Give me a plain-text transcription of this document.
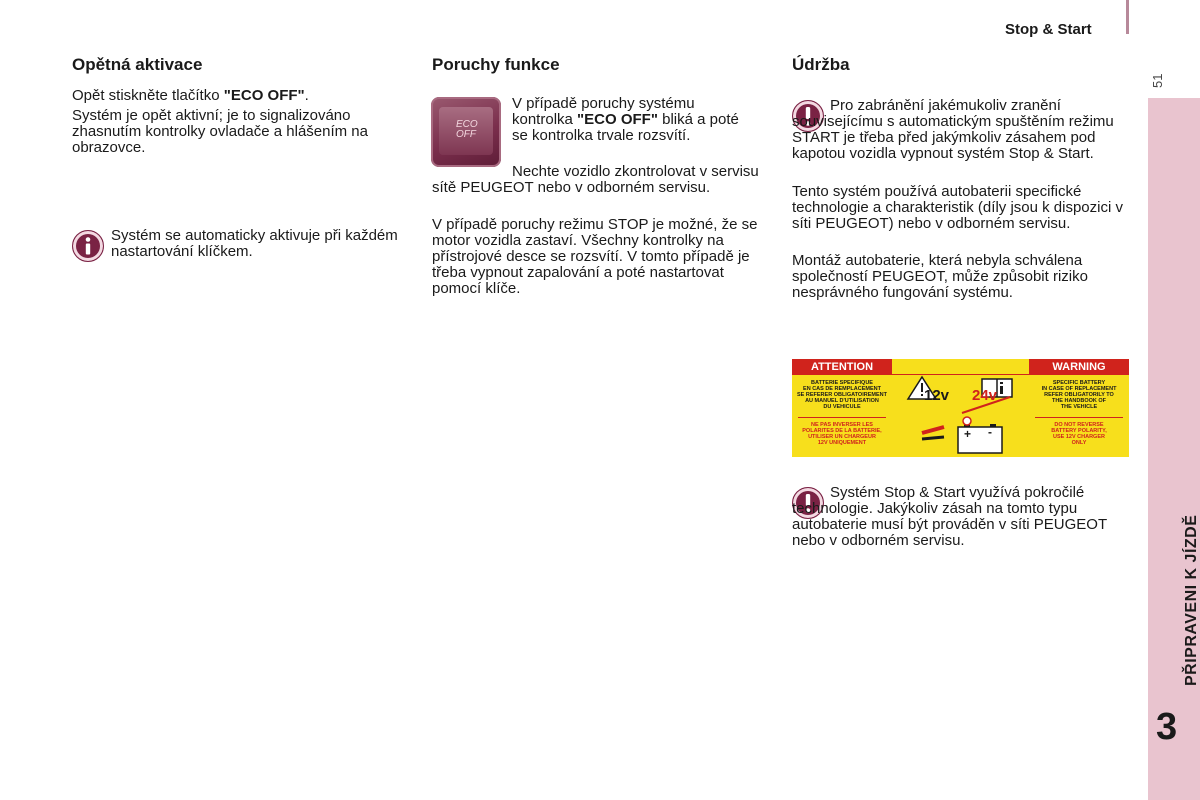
Stop & Start
51
PŘIPRAVENI K JÍZDĚ
3
Opětná aktivace

Opět stiskněte tlačítko "ECO OFF".

Systém je opět aktivní; je to signalizováno zhasnutím kontrolky ovladače a hlášením na obrazovce.

Systém se automaticky aktivuje při každém nastartování klíčkem.

Poruchy funkce
ECO
OFF

V případě poruchy systému kontrolka "ECO OFF" bliká a poté se kontrolka trvale rozsvítí.

Nechte vozidlo zkontrolovat v servisu sítě PEUGEOT nebo v odborném servisu.

V případě poruchy režimu STOP je možné, že se motor vozidla zastaví. Všechny kontrolky na přístrojové desce se rozsvítí. V tomto případě je třeba vypnout zapalování a poté nastartovat pomocí klíče.

Údržba

Pro zabránění jakémukoliv zranění souvisejícímu s automatickým spuštěním režimu START je třeba před jakýmkoliv zásahem pod kapotou vozidla vypnout systém Stop & Start.

Tento systém používá autobaterii specifické technologie a charakteristik (díly jsou k dispozici v síti PEUGEOT) nebo v odborném servisu.

Montáž autobaterie, která nebyla schválena společností PEUGEOT, může způsobit riziko nesprávného fungování systému.

ATTENTION	WARNING
BATTERIE SPECIFIQUE
EN CAS DE REMPLACEMENT
SE REFERER OBLIGATOIREMENT
AU MANUEL D'UTILISATION
DU VEHICULE
NE PAS INVERSER LES
POLARITES DE LA BATTERIE,
UTILISER UN CHARGEUR
12V UNIQUEMENT
SPECIFIC BATTERY
IN CASE OF REPLACEMENT
REFER OBLIGATORILY TO
THE HANDBOOK OF
THE VEHICLE
DO NOT REVERSE
BATTERY POLARITY,
USE 12V CHARGER
ONLY
12v 24v
+ -

Systém Stop & Start využívá pokročilé technologie. Jakýkoliv zásah na tomto typu autobaterie musí být prováděn v síti PEUGEOT nebo v odborném servisu.
